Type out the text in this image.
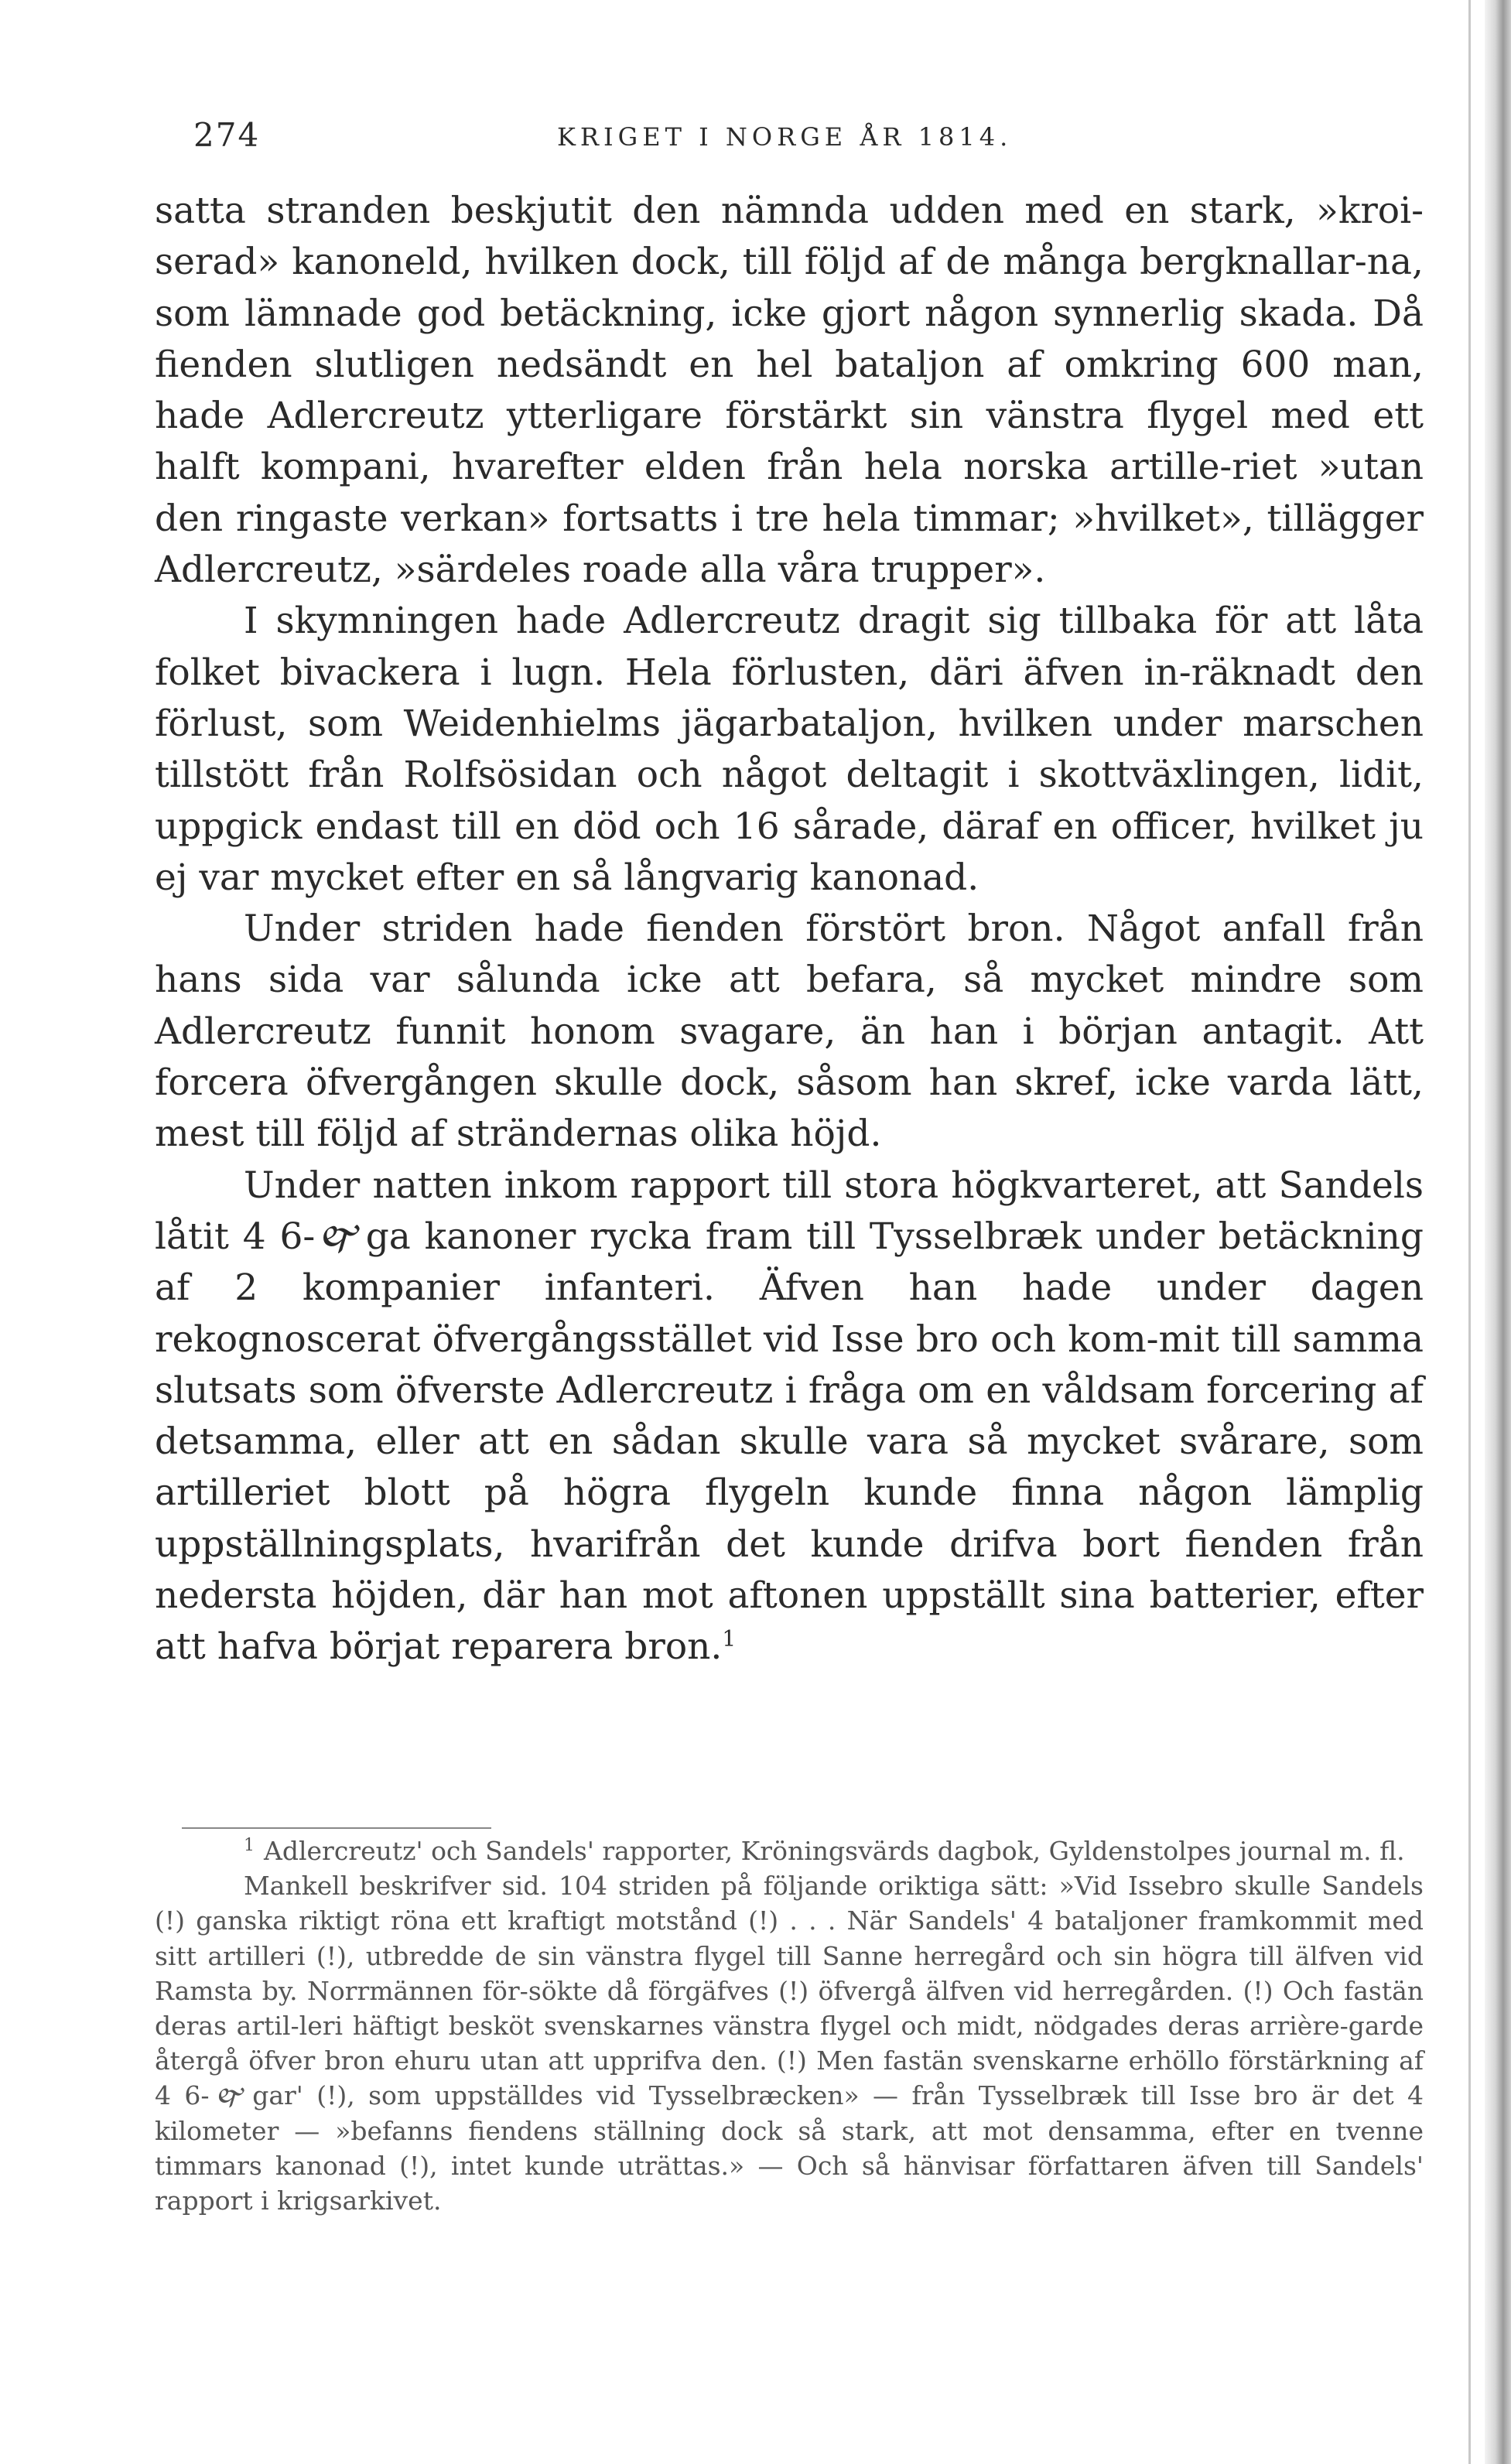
274	KRIGET I NORGE ÅR 1814.

satta stranden beskjutit den nämnda udden med en stark, »kroi-serad» kanoneld, hvilken dock, till följd af de många bergknallar-na, som lämnade god betäckning, icke gjort någon synnerlig skada. Då fienden slutligen nedsändt en hel bataljon af omkring 600 man, hade Adlercreutz ytterligare förstärkt sin vänstra flygel med ett halft kompani, hvarefter elden från hela norska artille-riet »utan den ringaste verkan» fortsatts i tre hela timmar; »hvilket», tillägger Adlercreutz, »särdeles roade alla våra trupper».

I skymningen hade Adlercreutz dragit sig tillbaka för att låta folket bivackera i lugn. Hela förlusten, däri äfven in-räknadt den förlust, som Weidenhielms jägarbataljon, hvilken under marschen tillstött från Rolfsösidan och något deltagit i skottväxlingen, lidit, uppgick endast till en död och 16 sårade, däraf en officer, hvilket ju ej var mycket efter en så långvarig kanonad.

Under striden hade fienden förstört bron. Något anfall från hans sida var sålunda icke att befara, så mycket mindre som Adlercreutz funnit honom svagare, än han i början antagit. Att forcera öfvergången skulle dock, såsom han skref, icke varda lätt, mest till följd af strändernas olika höjd.

Under natten inkom rapport till stora högkvarteret, att Sandels låtit 4 6-🙰ga kanoner rycka fram till Tysselbræk under betäckning af 2 kompanier infanteri. Äfven han hade under dagen rekognoscerat öfvergångsstället vid Isse bro och kom-mit till samma slutsats som öfverste Adlercreutz i fråga om en våldsam forcering af detsamma, eller att en sådan skulle vara så mycket svårare, som artilleriet blott på högra flygeln kunde finna någon lämplig uppställningsplats, hvarifrån det kunde drifva bort fienden från nedersta höjden, där han mot aftonen uppställt sina batterier, efter att hafva börjat reparera bron.$^1$

$^1$ Adlercreutz' och Sandels' rapporter, Kröningsvärds dagbok, Gyldenstolpes journal m. fl.

Mankell beskrifver sid. 104 striden på följande oriktiga sätt: »Vid Issebro skulle Sandels (!) ganska riktigt röna ett kraftigt motstånd (!) . . . När Sandels' 4 bataljoner framkommit med sitt artilleri (!), utbredde de sin vänstra flygel till Sanne herregård och sin högra till älfven vid Ramsta by. Norrmännen för-sökte då förgäfves (!) öfvergå älfven vid herregården. (!) Och fastän deras artil-leri häftigt besköt svenskarnes vänstra flygel och midt, nödgades deras arrière-garde återgå öfver bron ehuru utan att upprifva den. (!) Men fastän svenskarne erhöllo förstärkning af 4 6-🙰gar' (!), som uppställdes vid Tysselbræcken» — från Tysselbræk till Isse bro är det 4 kilometer — »befanns fiendens ställning dock så stark, att mot densamma, efter en tvenne timmars kanonad (!), intet kunde uträttas.» — Och så hänvisar författaren äfven till Sandels' rapport i krigsarkivet.
